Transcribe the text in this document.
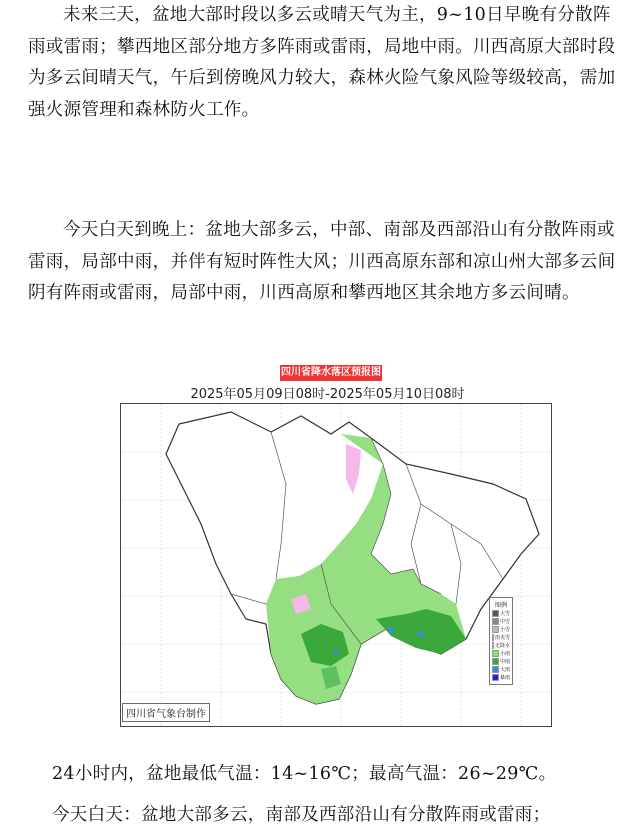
未来三天，盆地大部时段以多云或晴天气为主，9~10日早晚有分散阵雨或雷雨；攀西地区部分地方多阵雨或雷雨，局地中雨。川西高原大部时段为多云间晴天气，午后到傍晚风力较大，森林火险气象风险等级较高，需加强火源管理和森林防火工作。

今天白天到晚上：盆地大部多云，中部、南部及西部沿山有分散阵雨或雷雨，局部中雨，并伴有短时阵性大风；川西高原东部和凉山州大部多云间阴有阵雨或雷雨，局部中雨，川西高原和攀西地区其余地方多云间晴。

四川省降水落区预报图
2025年05月09日08时-2025年05月10日08时
图例
大雪
中雪
小雪
雨夹雪
无降水
小雨
中雨
大雨
暴雨
四川省气象台制作
24小时内，盆地最低气温：14~16℃；最高气温：26~29℃。
今天白天：盆地大部多云，南部及西部沿山有分散阵雨或雷雨；
